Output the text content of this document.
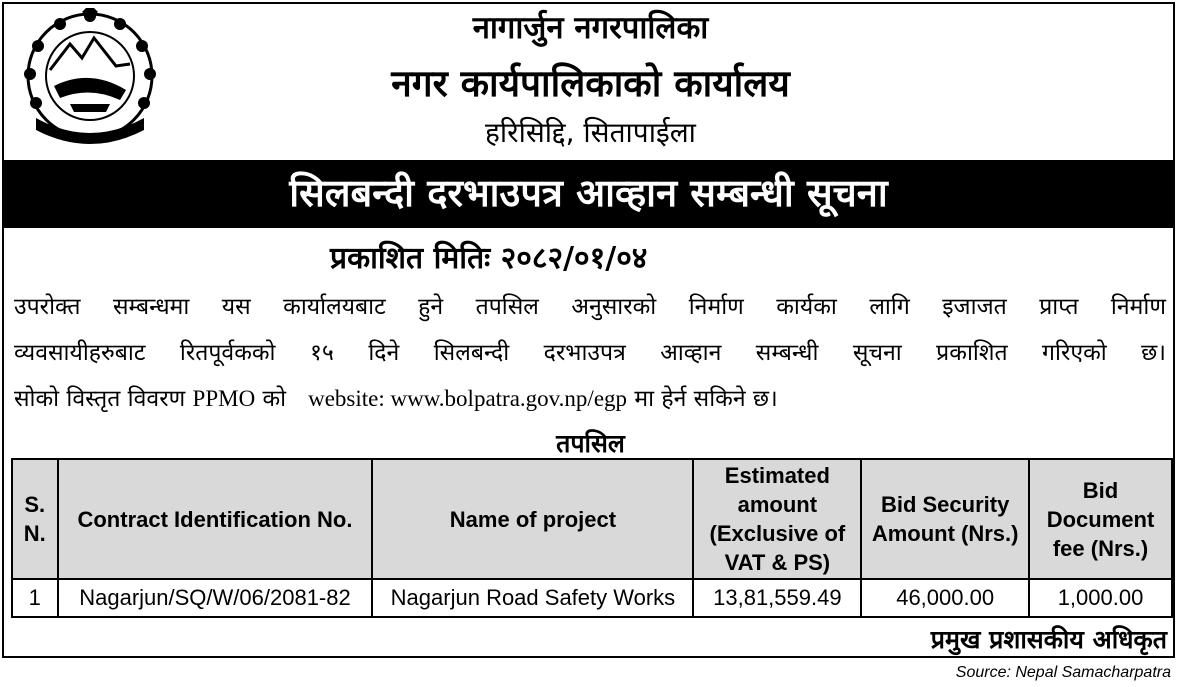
नागार्जुन नगरपालिका
नगर कार्यपालिकाको कार्यालय
हरिसिद्दि, सितापाईला
सिलबन्दी दरभाउपत्र आव्हान सम्बन्धी सूचना
प्रकाशित मितिः २०८२/०१/०४
उपरोक्त सम्बन्धमा यस कार्यालयबाट हुने तपसिल अनुसारको निर्माण कार्यका लागि इजाजत प्राप्त निर्माण
व्यवसायीहरुबाट रितपूर्वकको १५ दिने सिलबन्दी दरभाउपत्र आव्हान सम्बन्धी सूचना प्रकाशित गरिएको छ।
सोको विस्तृत विवरण PPMO को website: www.bolpatra.gov.np/egp मा हेर्न सकिने छ।
तपसिल
S. N.	Contract Identification No.	Name of project	Estimated amount (Exclusive of VAT & PS)	Bid Security Amount (Nrs.)	Bid Document fee (Nrs.)
1	Nagarjun/SQ/W/06/2081-82	Nagarjun Road Safety Works	13,81,559.49	46,000.00	1,000.00
प्रमुख प्रशासकीय अधिकृत
Source: Nepal Samacharpatra
